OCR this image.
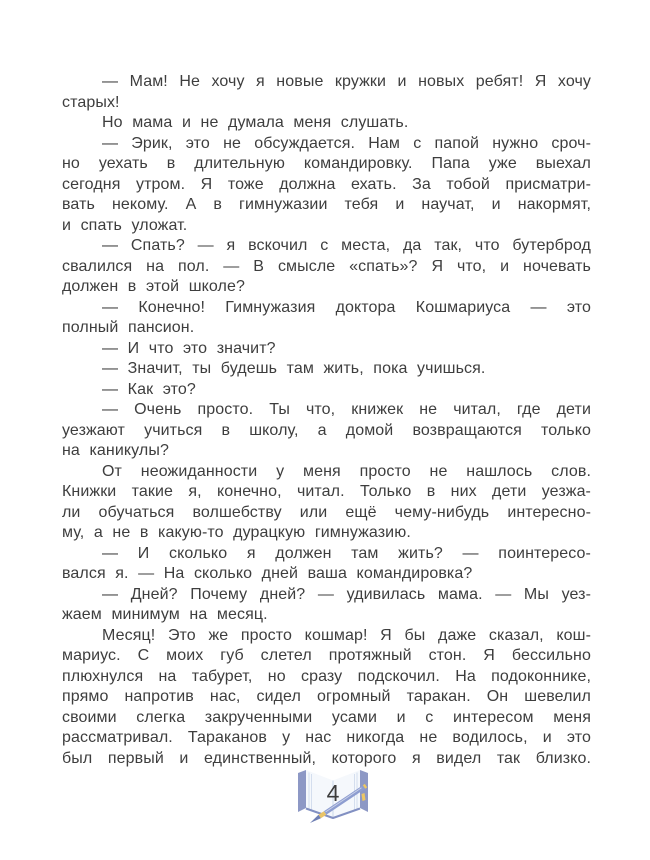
— Мам! Не хочу я новые кружки и новых ребят! Я хочу
старых!
Но мама и не думала меня слушать.
— Эрик, это не обсуждается. Нам с папой нужно сроч-
но уехать в длительную командировку. Папа уже выехал
сегодня утром. Я тоже должна ехать. За тобой присматри-
вать некому. А в гимнужазии тебя и научат, и накормят,
и спать уложат.
— Спать? — я вскочил с места, да так, что бутерброд
свалился на пол. — В смысле «спать»? Я что, и ночевать
должен в этой школе?
— Конечно! Гимнужазия доктора Кошмариуса — это
полный пансион.
— И что это значит?
— Значит, ты будешь там жить, пока учишься.
— Как это?
— Очень просто. Ты что, книжек не читал, где дети
уезжают учиться в школу, а домой возвращаются только
на каникулы?
От неожиданности у меня просто не нашлось слов.
Книжки такие я, конечно, читал. Только в них дети уезжа-
ли обучаться волшебству или ещё чему-нибудь интересно-
му, а не в какую-то дурацкую гимнужазию.
— И сколько я должен там жить? — поинтересо-
вался я. — На сколько дней ваша командировка?
— Дней? Почему дней? — удивилась мама. — Мы уез-
жаем минимум на месяц.
Месяц! Это же просто кошмар! Я бы даже сказал, кош-
мариус. С моих губ слетел протяжный стон. Я бессильно
плюхнулся на табурет, но сразу подскочил. На подоконнике,
прямо напротив нас, сидел огромный таракан. Он шевелил
своими слегка закрученными усами и с интересом меня
рассматривал. Тараканов у нас никогда не водилось, и это
был первый и единственный, которого я видел так близко.
4
